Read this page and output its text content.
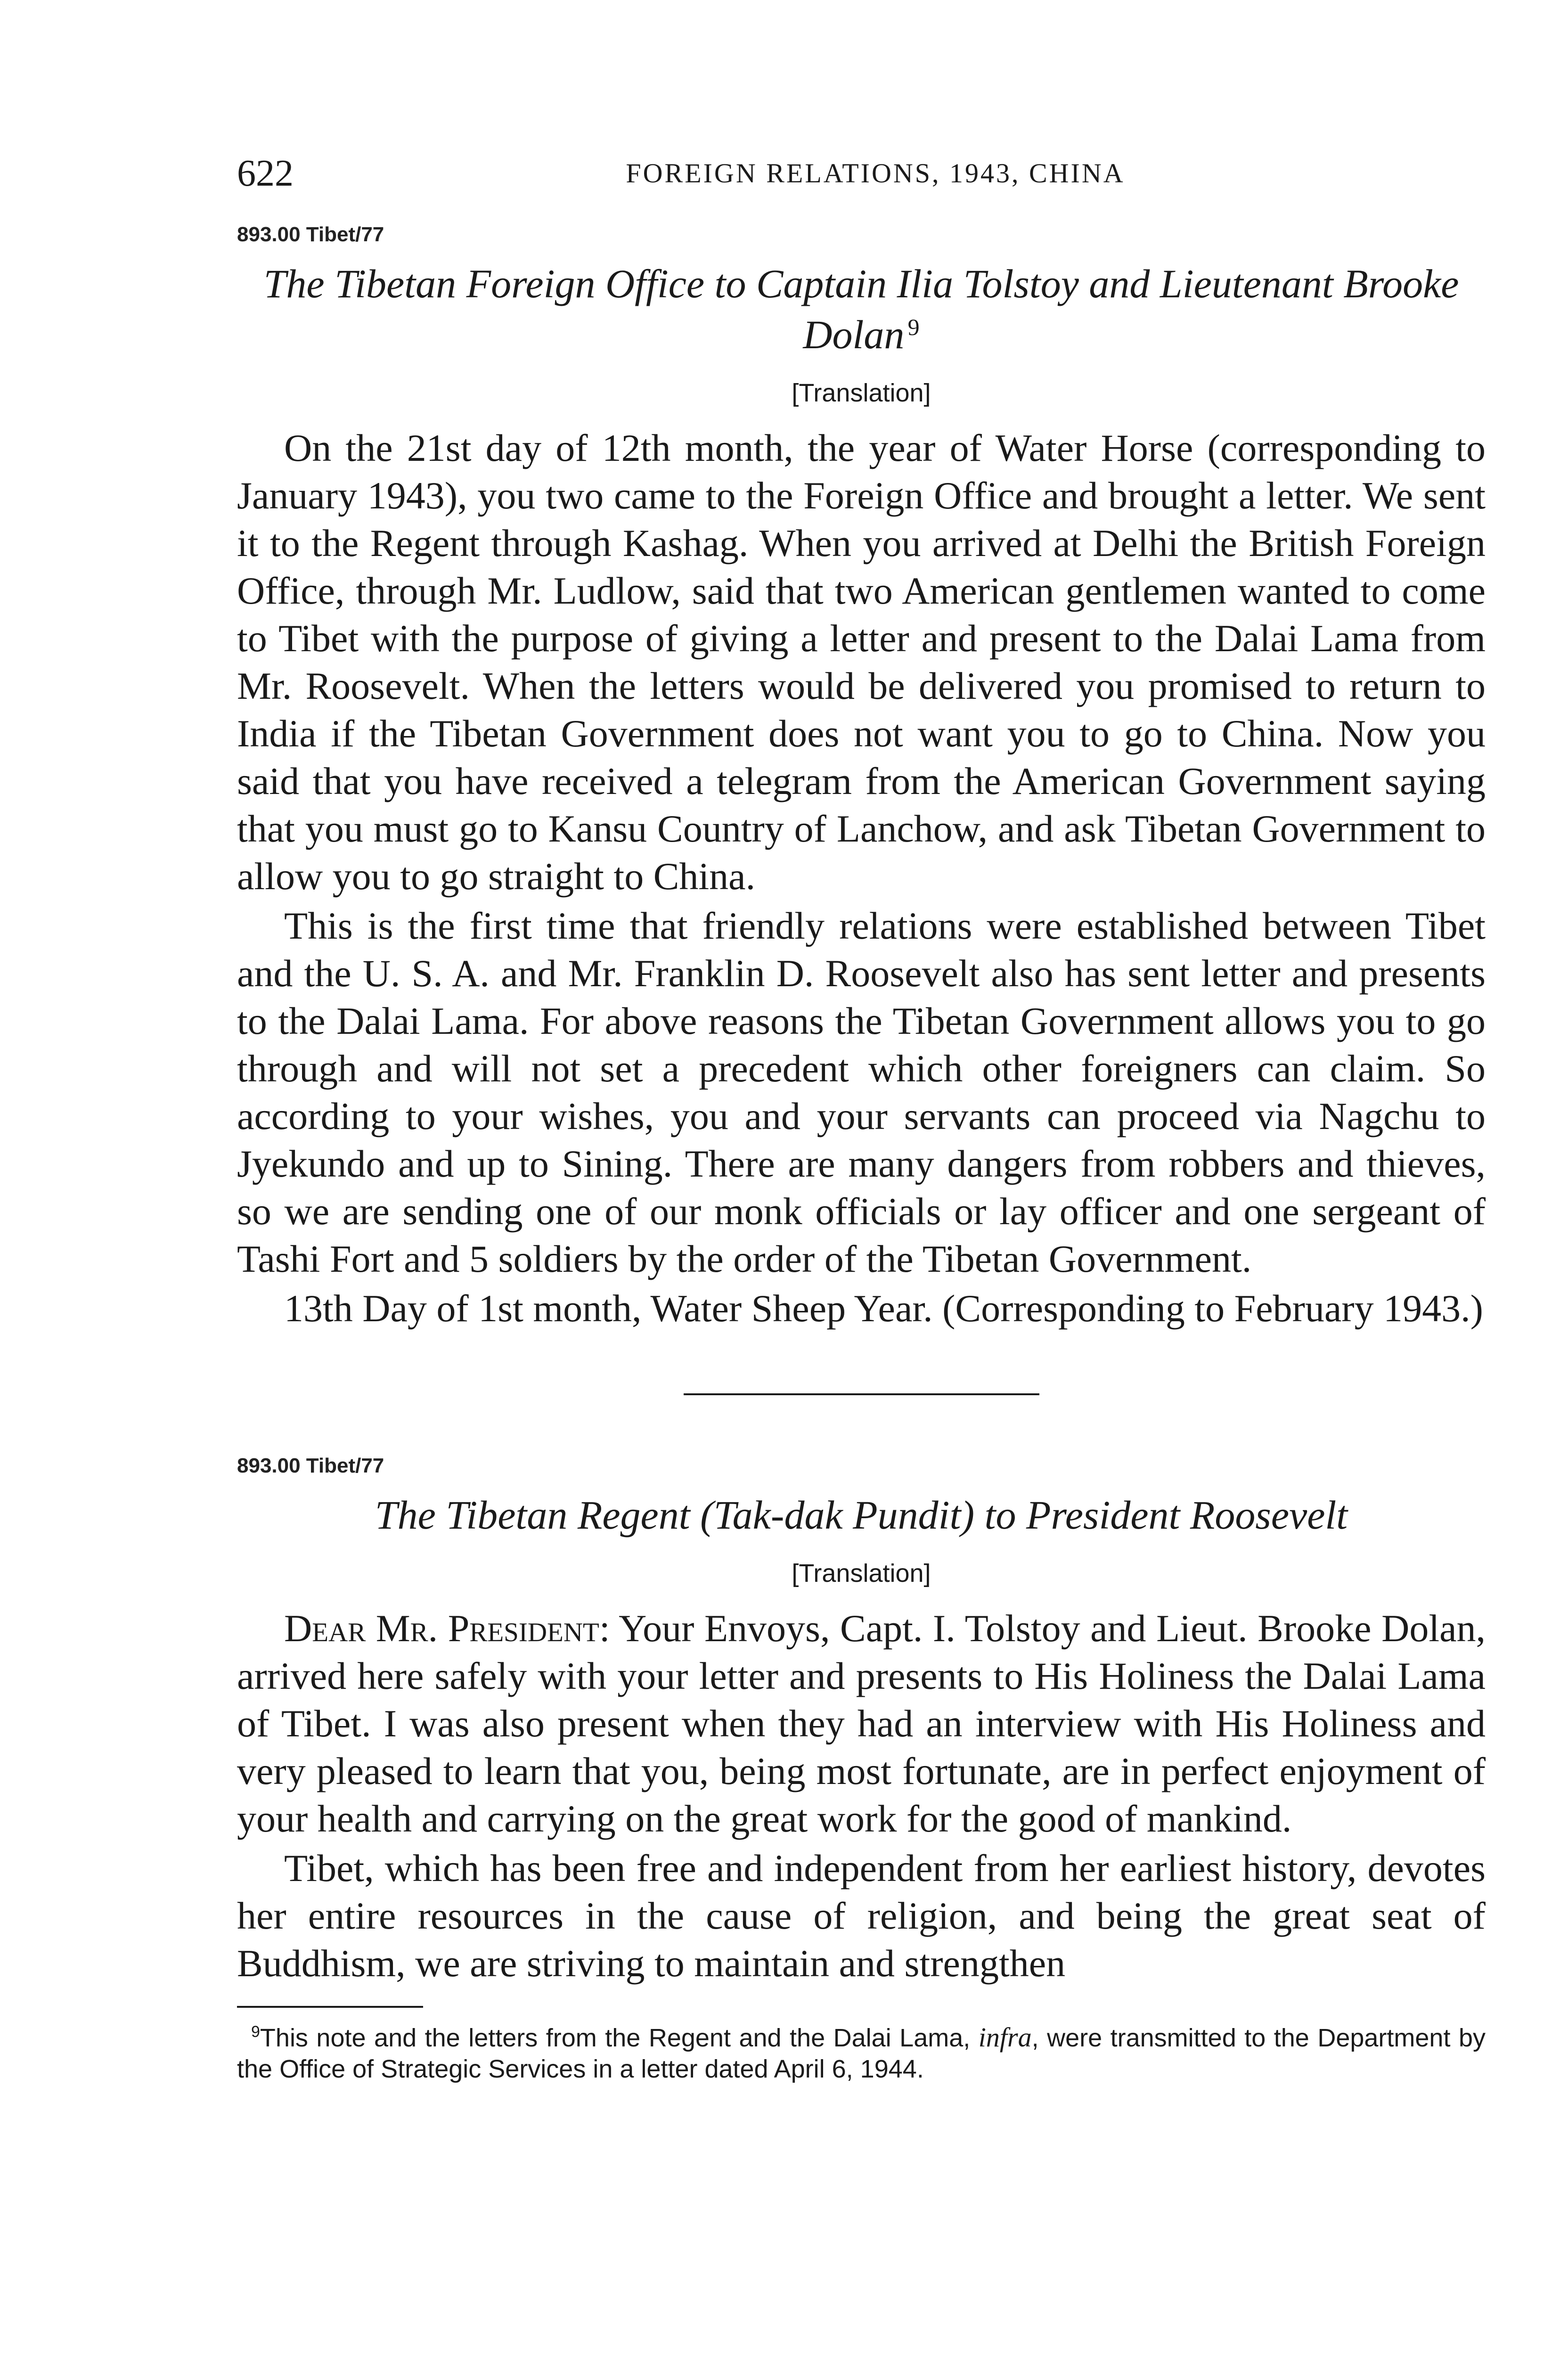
622	FOREIGN RELATIONS, 1943, CHINA
893.00 Tibet/77
The Tibetan Foreign Office to Captain Ilia Tolstoy and Lieutenant Brooke Dolan  $^9$
[Translation]

On the 21st day of 12th month, the year of Water Horse (corresponding to January 1943), you two came to the Foreign Office and brought a letter. We sent it to the Regent through Kashag. When you arrived at Delhi the British Foreign Office, through Mr. Ludlow, said that two American gentlemen wanted to come to Tibet with the purpose of giving a letter and present to the Dalai Lama from Mr. Roosevelt. When the letters would be delivered you promised to return to India if the Tibetan Government does not want you to go to China. Now you said that you have received a telegram from the American Government saying that you must go to Kansu Country of Lanchow, and ask Tibetan Government to allow you to go straight to China.

This is the first time that friendly relations were established between Tibet and the U. S. A. and Mr. Franklin D. Roosevelt also has sent letter and presents to the Dalai Lama. For above reasons the Tibetan Government allows you to go through and will not set a precedent which other foreigners can claim. So according to your wishes, you and your servants can proceed via Nagchu to Jyekundo and up to Sining. There are many dangers from robbers and thieves, so we are sending one of our monk officials or lay officer and one sergeant of Tashi Fort and 5 soldiers by the order of the Tibetan Government.

13th Day of 1st month, Water Sheep Year. (Corresponding to February 1943.)

893.00 Tibet/77
The Tibetan Regent (Tak-dak Pundit) to President Roosevelt
[Translation]

Dear Mr. President: Your Envoys, Capt. I. Tolstoy and Lieut. Brooke Dolan, arrived here safely with your letter and presents to His Holiness the Dalai Lama of Tibet. I was also present when they had an interview with His Holiness and very pleased to learn that you, being most fortunate, are in perfect enjoyment of your health and carrying on the great work for the good of mankind.

Tibet, which has been free and independent from her earliest history, devotes her entire resources in the cause of religion, and being the great seat of Buddhism, we are striving to maintain and strengthen

$^9$This note and the letters from the Regent and the Dalai Lama, infra, were transmitted to the Department by the Office of Strategic Services in a letter dated April 6, 1944.
